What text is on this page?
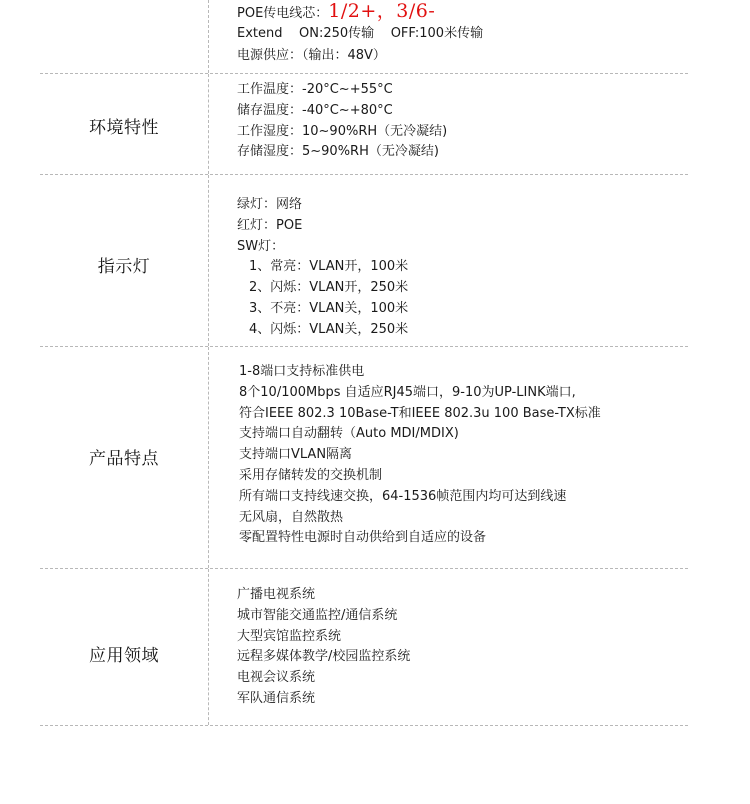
POE传电线芯：1/2+，3/6-
Extend    ON:250传输    OFF:100米传输
电源供应：（输出：48V）
环境特性
工作温度：-20°C~+55°C
储存温度：-40°C~+80°C
工作湿度：10~90%RH（无冷凝结)
存储湿度：5~90%RH（无冷凝结)
指示灯
绿灯：网络
红灯：POE
SW灯：
1、常亮：VLAN开，100米
2、闪烁：VLAN开，250米
3、不亮：VLAN关，100米
4、闪烁：VLAN关，250米
产品特点
1-8端口支持标准供电
8个10/100Mbps 自适应RJ45端口，9-10为UP-LINK端口,
符合IEEE 802.3 10Base-T和IEEE 802.3u 100 Base-TX标准
支持端口自动翻转（Auto MDI/MDIX)
支持端口VLAN隔离
采用存储转发的交换机制
所有端口支持线速交换，64-1536帧范围内均可达到线速
无风扇，自然散热
零配置特性电源时自动供给到自适应的设备
应用领域
广播电视系统
城市智能交通监控/通信系统
大型宾馆监控系统
远程多媒体教学/校园监控系统
电视会议系统
军队通信系统
